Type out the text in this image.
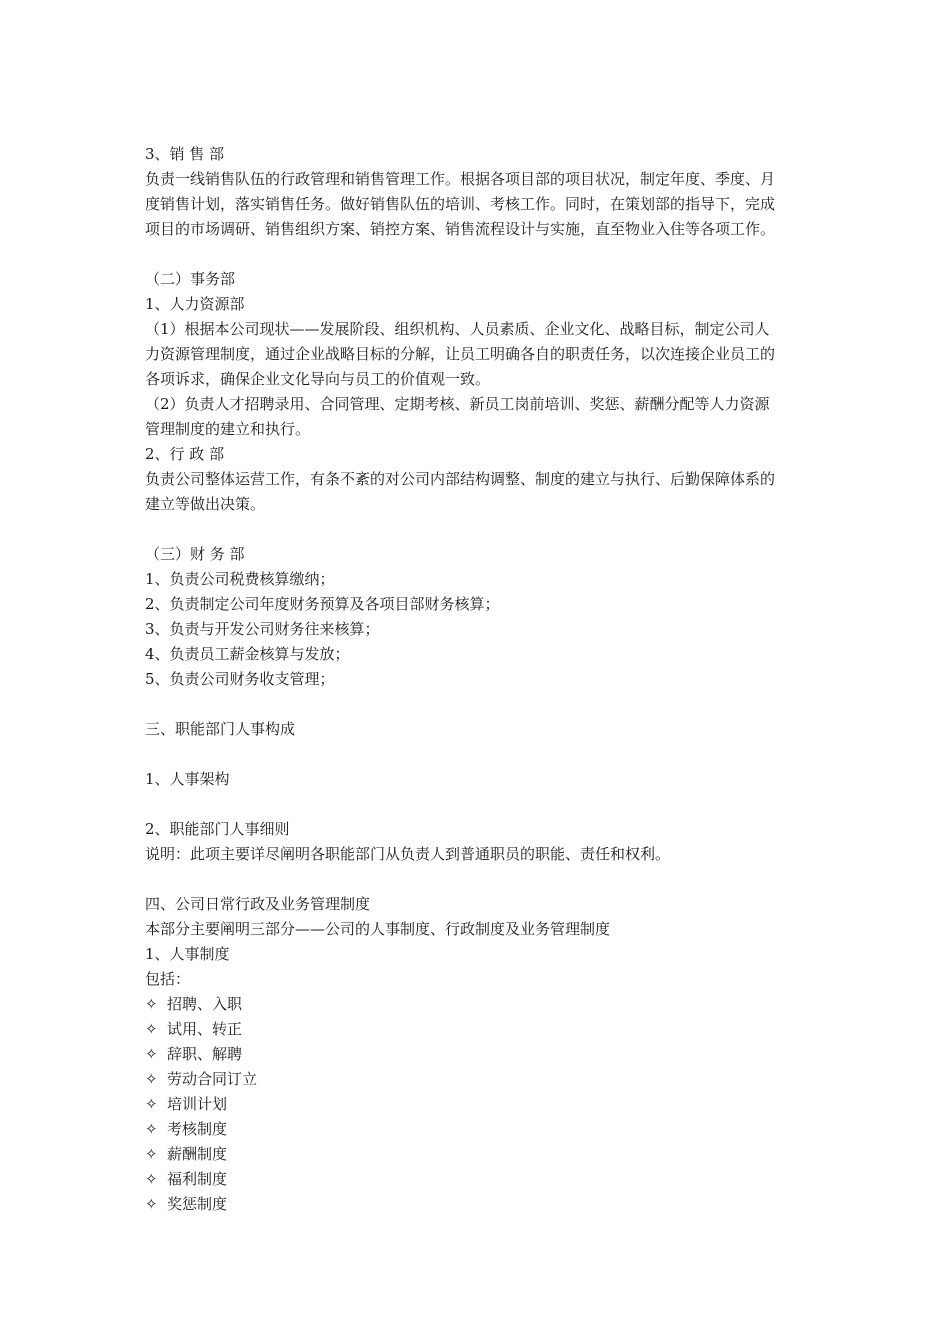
3、销 售 部
负责一线销售队伍的行政管理和销售管理工作。根据各项目部的项目状况，制定年度、季度、月
度销售计划，落实销售任务。做好销售队伍的培训、考核工作。同时，在策划部的指导下，完成
项目的市场调研、销售组织方案、销控方案、销售流程设计与实施，直至物业入住等各项工作。
（二）事务部
1、人力资源部
（1）根据本公司现状——发展阶段、组织机构、人员素质、企业文化、战略目标，制定公司人
力资源管理制度，通过企业战略目标的分解，让员工明确各自的职责任务，以次连接企业员工的
各项诉求，确保企业文化导向与员工的价值观一致。
（2）负责人才招聘录用、合同管理、定期考核、新员工岗前培训、奖惩、薪酬分配等人力资源
管理制度的建立和执行。
2、行 政 部
负责公司整体运营工作，有条不紊的对公司内部结构调整、制度的建立与执行、后勤保障体系的
建立等做出决策。
（三）财 务 部
1、负责公司税费核算缴纳；
2、负责制定公司年度财务预算及各项目部财务核算；
3、负责与开发公司财务往来核算；
4、负责员工薪金核算与发放；
5、负责公司财务收支管理；
三、职能部门人事构成
1、人事架构
2、职能部门人事细则
说明：此项主要详尽阐明各职能部门从负责人到普通职员的职能、责任和权利。
四、公司日常行政及业务管理制度
本部分主要阐明三部分——公司的人事制度、行政制度及业务管理制度
1、人事制度
包括：
✧ 招聘、入职
✧ 试用、转正
✧ 辞职、解聘
✧ 劳动合同订立
✧ 培训计划
✧ 考核制度
✧ 薪酬制度
✧ 福利制度
✧ 奖惩制度
